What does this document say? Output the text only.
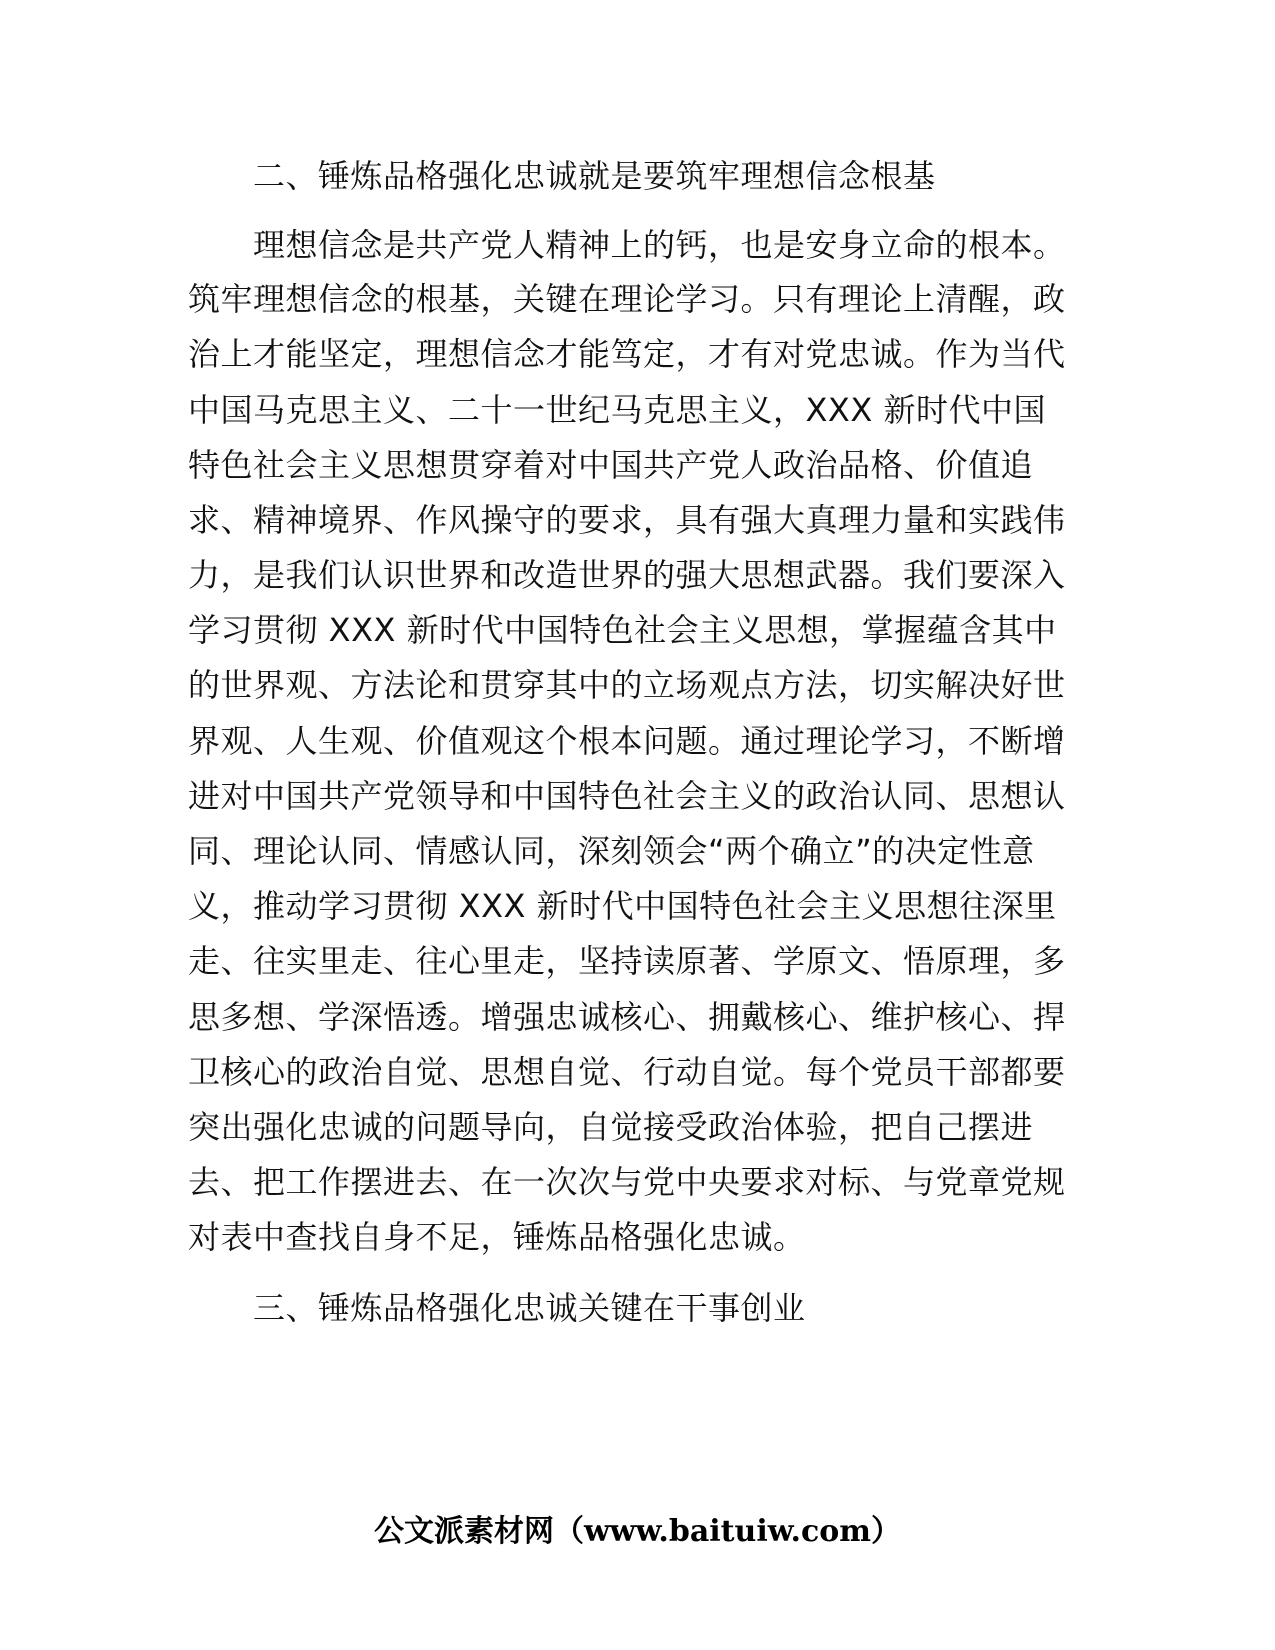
二、锤炼品格强化忠诚就是要筑牢理想信念根基
理想信念是共产党人精神上的钙，也是安身立命的根本。
筑牢理想信念的根基，关键在理论学习。只有理论上清醒，政
治上才能坚定，理想信念才能笃定，才有对党忠诚。作为当代
中国马克思主义、二十一世纪马克思主义，XXX 新时代中国
特色社会主义思想贯穿着对中国共产党人政治品格、价值追
求、精神境界、作风操守的要求，具有强大真理力量和实践伟
力，是我们认识世界和改造世界的强大思想武器。我们要深入
学习贯彻 XXX 新时代中国特色社会主义思想，掌握蕴含其中
的世界观、方法论和贯穿其中的立场观点方法，切实解决好世
界观、人生观、价值观这个根本问题。通过理论学习，不断增
进对中国共产党领导和中国特色社会主义的政治认同、思想认
同、理论认同、情感认同，深刻领会“两个确立”的决定性意
义，推动学习贯彻 XXX 新时代中国特色社会主义思想往深里
走、往实里走、往心里走，坚持读原著、学原文、悟原理，多
思多想、学深悟透。增强忠诚核心、拥戴核心、维护核心、捍
卫核心的政治自觉、思想自觉、行动自觉。每个党员干部都要
突出强化忠诚的问题导向，自觉接受政治体验，把自己摆进
去、把工作摆进去、在一次次与党中央要求对标、与党章党规
对表中查找自身不足，锤炼品格强化忠诚。
三、锤炼品格强化忠诚关键在干事创业
公文派素材网（www.baituiw.com）
